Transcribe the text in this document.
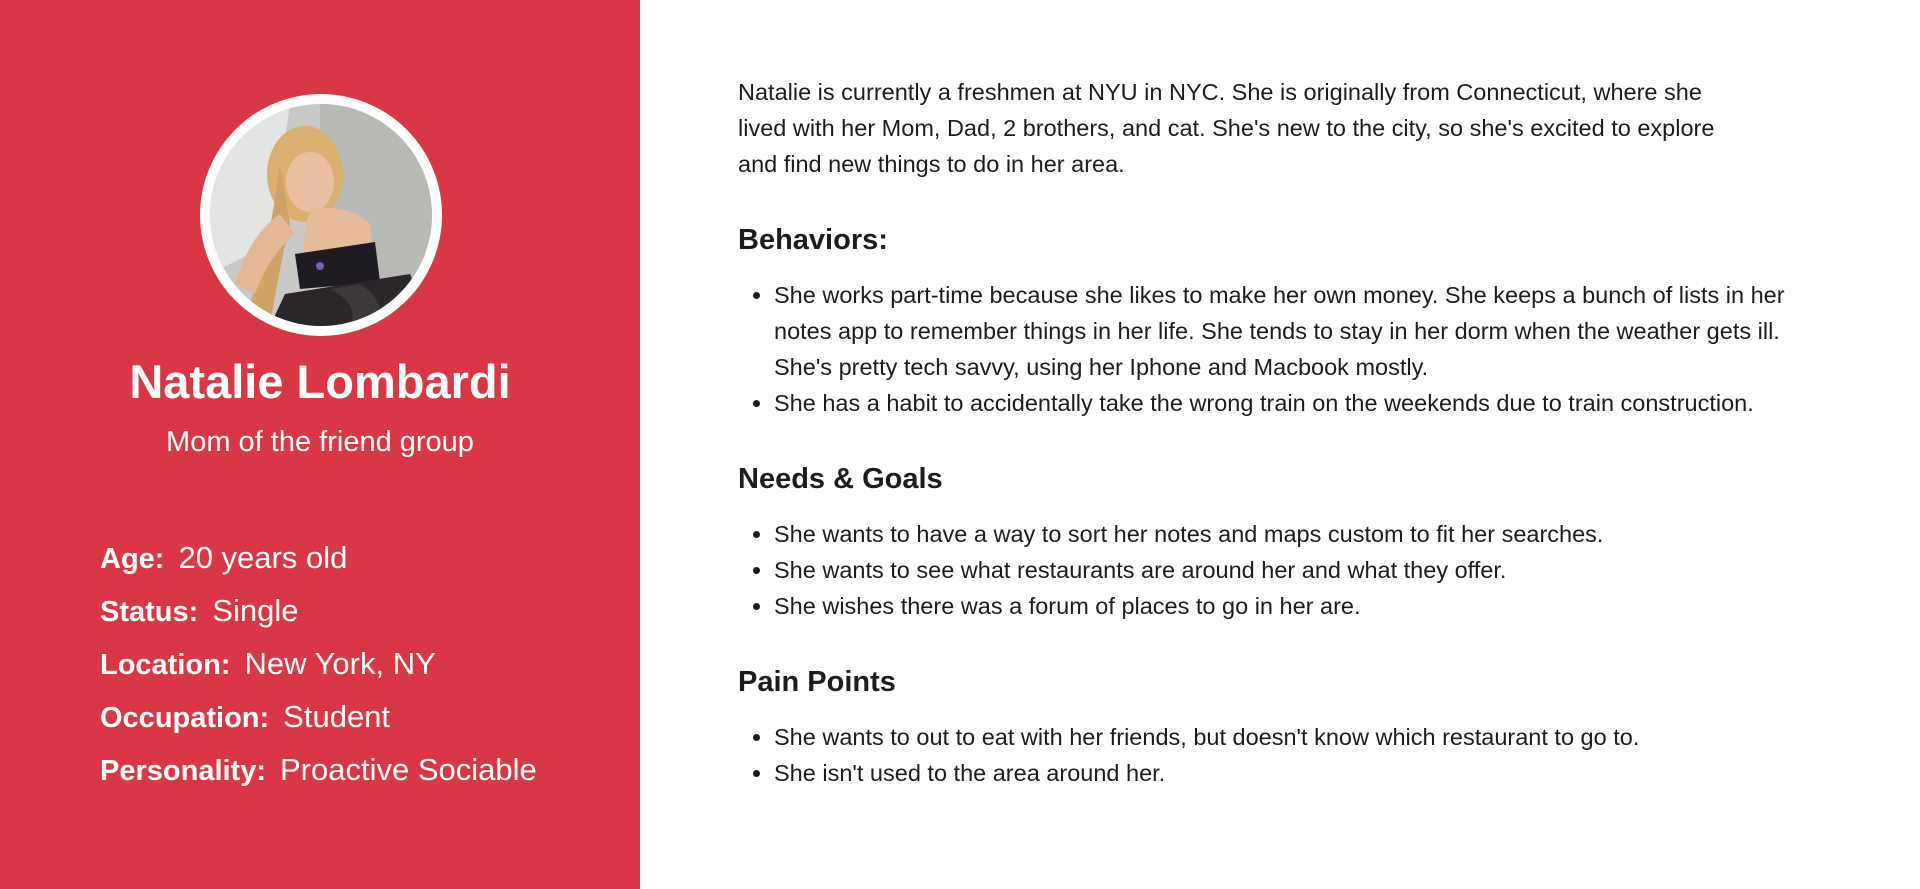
Natalie Lombardi
Mom of the friend group
Age: 20 years old
Status: Single
Location: New York, NY
Occupation: Student
Personality: Proactive Sociable

Natalie is currently a freshmen at NYU in NYC. She is originally from Connecticut, where she lived with her Mom, Dad, 2 brothers, and cat. She's new to the city, so she's excited to explore and find new things to do in her area.

Behaviors:
• She works part-time because she likes to make her own money. She keeps a bunch of lists in her notes app to remember things in her life. She tends to stay in her dorm when the weather gets ill. She's pretty tech savvy, using her Iphone and Macbook mostly.
• She has a habit to accidentally take the wrong train on the weekends due to train construction.
Needs & Goals
• She wants to have a way to sort her notes and maps custom to fit her searches.
• She wants to see what restaurants are around her and what they offer.
• She wishes there was a forum of places to go in her are.
Pain Points
• She wants to out to eat with her friends, but doesn't know which restaurant to go to.
• She isn't used to the area around her.
